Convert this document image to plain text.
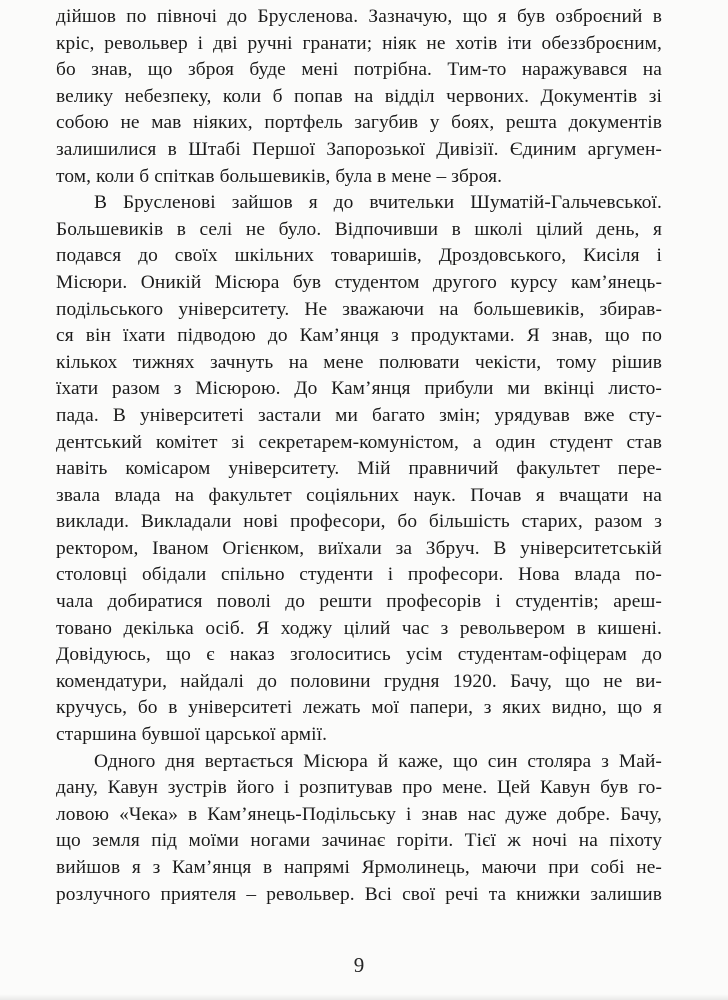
дійшов по півночі до Брусленова. Зазначую, що я був озброєний в
кріс, револьвер і дві ручні гранати; ніяк не хотів іти обеззброєним,
бо знав, що зброя буде мені потрібна. Тим-то наражувався на
велику небезпеку, коли б попав на відділ червоних. Документів зі
собою не мав ніяких, портфель загубив у боях, решта документів
залишилися в Штабі Першої Запорозької Дивізії. Єдиним аргумен-
том, коли б спіткав большевиків, була в мене – зброя.
В Брусленові зайшов я до вчительки Шуматій-Гальчевської.
Большевиків в селі не було. Відпочивши в школі цілий день, я
подався до своїх шкільних товаришів, Дроздовського, Кисіля і
Місюри. Оникій Місюра був студентом другого курсу кам’янець-
подільського університету. Не зважаючи на большевиків, збирав-
ся він їхати підводою до Кам’янця з продуктами. Я знав, що по
кількох тижнях зачнуть на мене полювати чекісти, тому рішив
їхати разом з Місюрою. До Кам’янця прибули ми вкінці листо-
пада. В університеті застали ми багато змін; урядував вже сту-
дентський комітет зі секретарем-комуністом, а один студент став
навіть комісаром університету. Мій правничий факультет пере-
звала влада на факультет соціяльних наук. Почав я вчащати на
виклади. Викладали нові професори, бо більшість старих, разом з
ректором, Іваном Огієнком, виїхали за Збруч. В університетській
столовці обідали спільно студенти і професори. Нова влада по-
чала добиратися поволі до решти професорів і студентів; ареш-
товано декілька осіб. Я ходжу цілий час з револьвером в кишені.
Довідуюсь, що є наказ зголоситись усім студентам-офіцерам до
комендатури, найдалі до половини грудня 1920. Бачу, що не ви-
кручусь, бо в університеті лежать мої папери, з яких видно, що я
старшина бувшої царської армії.
Одного дня вертається Місюра й каже, що син столяра з Май-
дану, Кавун зустрів його і розпитував про мене. Цей Кавун був го-
ловою «Чека» в Кам’янець-Подільську і знав нас дуже добре. Бачу,
що земля під моїми ногами зачинає горіти. Тієї ж ночі на піхоту
вийшов я з Кам’янця в напрямі Ярмолинець, маючи при собі не-
розлучного приятеля – револьвер. Всі свої речі та книжки залишив
9
